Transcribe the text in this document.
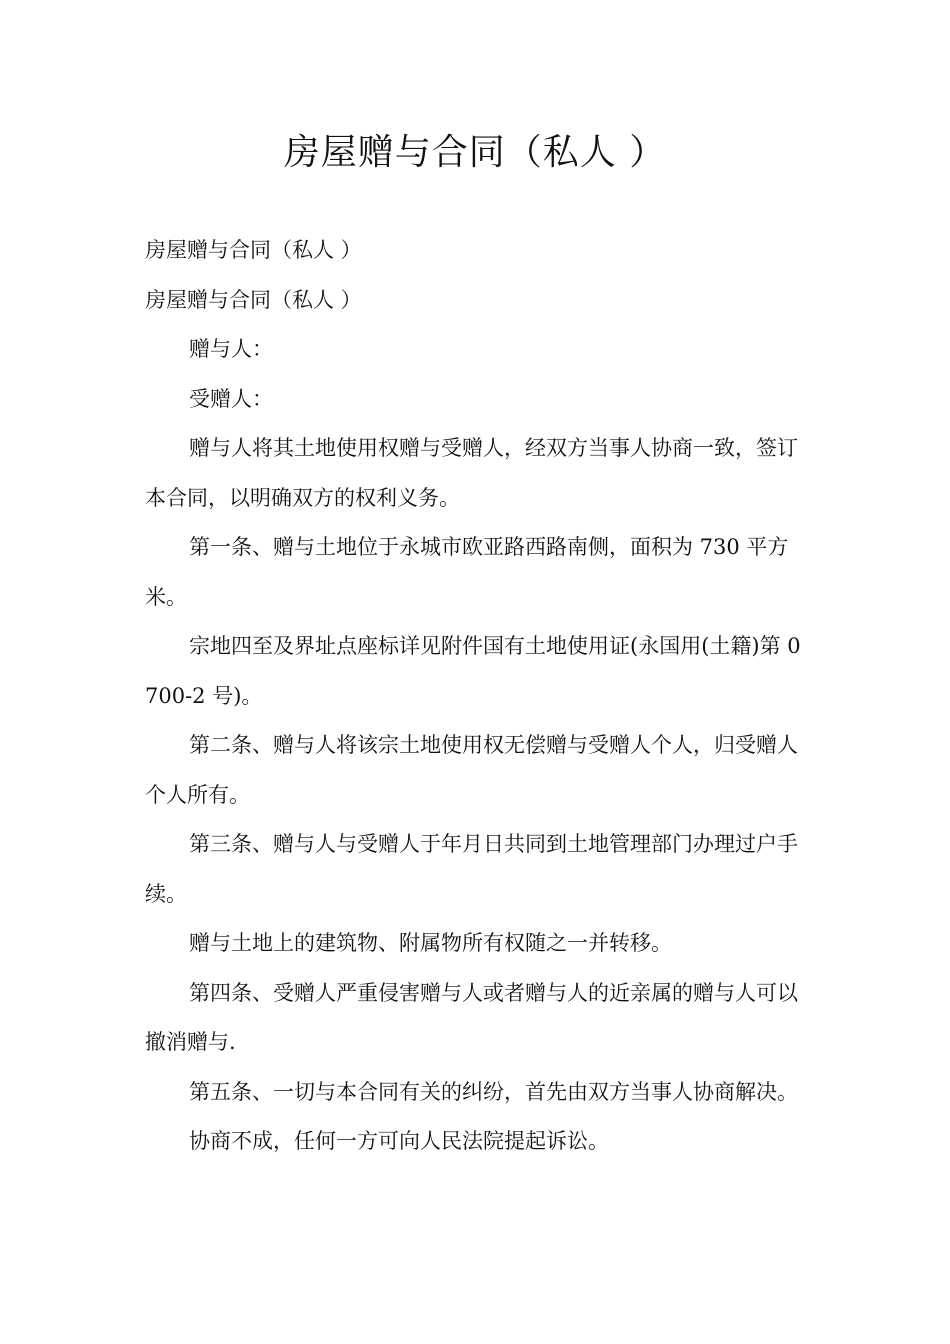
房屋赠与合同（私人 ）

房屋赠与合同（私人 ）

房屋赠与合同（私人 ）

赠与人：

受赠人：

赠与人将其土地使用权赠与受赠人，经双方当事人协商一致，签订本合同，以明确双方的权利义务。

第一条、赠与土地位于永城市欧亚路西路南侧，面积为 730 平方米。

宗地四至及界址点座标详见附件国有土地使用证(永国用(土籍)第 0700-2 号)。

第二条、赠与人将该宗土地使用权无偿赠与受赠人个人，归受赠人个人所有。

第三条、赠与人与受赠人于年月日共同到土地管理部门办理过户手续。

赠与土地上的建筑物、附属物所有权随之一并转移。

第四条、受赠人严重侵害赠与人或者赠与人的近亲属的赠与人可以撤消赠与.

第五条、一切与本合同有关的纠纷，首先由双方当事人协商解决。

协商不成，任何一方可向人民法院提起诉讼。
